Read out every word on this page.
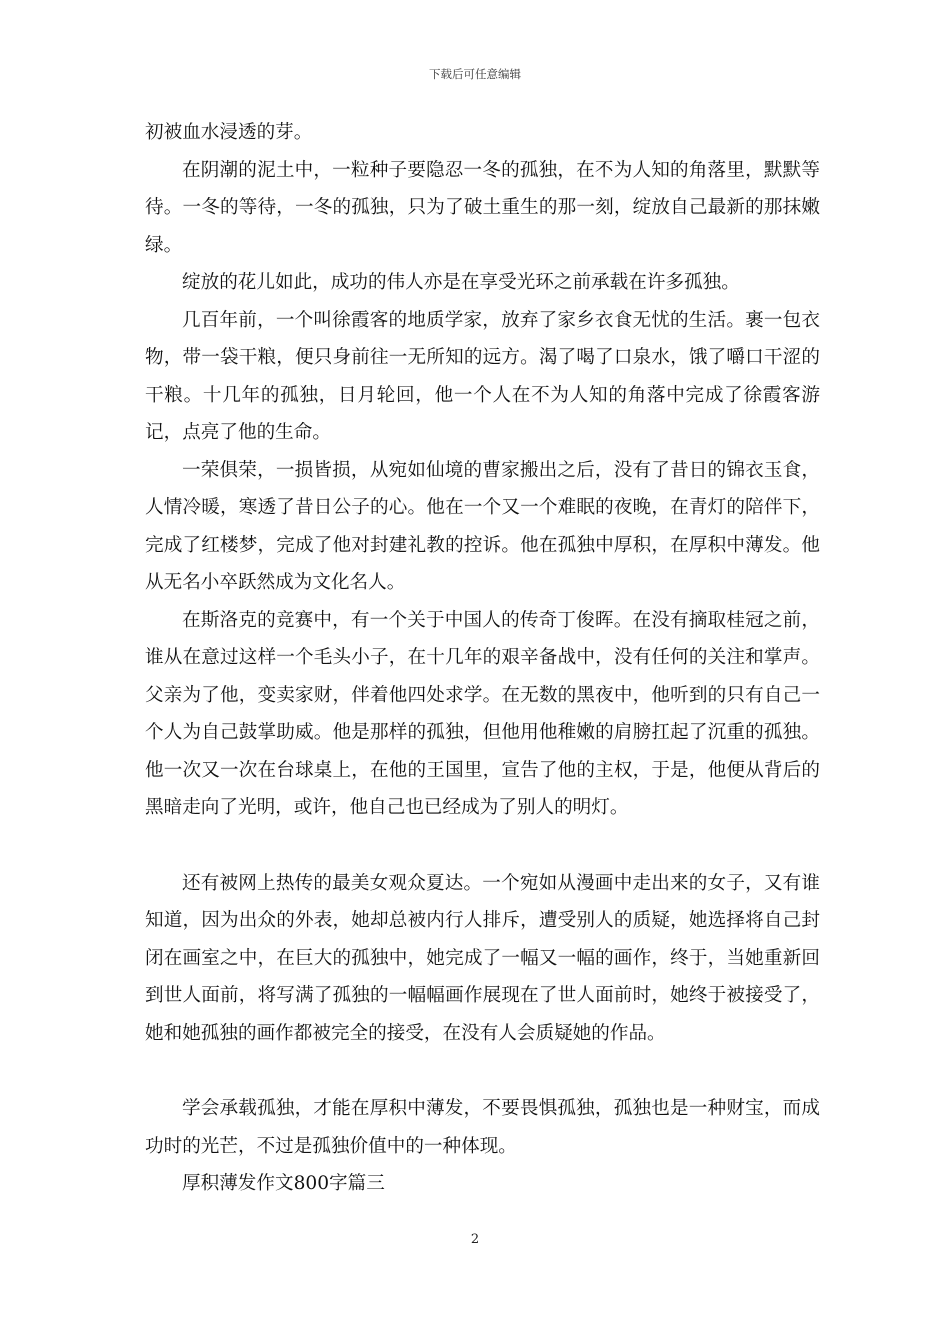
下载后可任意编辑

初被血水浸透的芽。

在阴潮的泥土中，一粒种子要隐忍一冬的孤独，在不为人知的角落里，默默等待。一冬的等待，一冬的孤独，只为了破土重生的那一刻，绽放自己最新的那抹嫩绿。

绽放的花儿如此，成功的伟人亦是在享受光环之前承载在许多孤独。

几百年前，一个叫徐霞客的地质学家，放弃了家乡衣食无忧的生活。裹一包衣物，带一袋干粮，便只身前往一无所知的远方。渴了喝了口泉水，饿了嚼口干涩的干粮。十几年的孤独，日月轮回，他一个人在不为人知的角落中完成了徐霞客游记，点亮了他的生命。

一荣俱荣，一损皆损，从宛如仙境的曹家搬出之后，没有了昔日的锦衣玉食，人情冷暖，寒透了昔日公子的心。他在一个又一个难眠的夜晚，在青灯的陪伴下，完成了红楼梦，完成了他对封建礼教的控诉。他在孤独中厚积，在厚积中薄发。他从无名小卒跃然成为文化名人。

在斯洛克的竞赛中，有一个关于中国人的传奇丁俊晖。在没有摘取桂冠之前，谁从在意过这样一个毛头小子，在十几年的艰辛备战中，没有任何的关注和掌声。父亲为了他，变卖家财，伴着他四处求学。在无数的黑夜中，他听到的只有自己一个人为自己鼓掌助威。他是那样的孤独，但他用他稚嫩的肩膀扛起了沉重的孤独。他一次又一次在台球桌上，在他的王国里，宣告了他的主权，于是，他便从背后的黑暗走向了光明，或许，他自己也已经成为了别人的明灯。

还有被网上热传的最美女观众夏达。一个宛如从漫画中走出来的女子，又有谁知道，因为出众的外表，她却总被内行人排斥，遭受别人的质疑，她选择将自己封闭在画室之中，在巨大的孤独中，她完成了一幅又一幅的画作，终于，当她重新回到世人面前，将写满了孤独的一幅幅画作展现在了世人面前时，她终于被接受了，她和她孤独的画作都被完全的接受，在没有人会质疑她的作品。

学会承载孤独，才能在厚积中薄发，不要畏惧孤独，孤独也是一种财宝，而成功时的光芒，不过是孤独价值中的一种体现。

厚积薄发作文800字篇三

2
